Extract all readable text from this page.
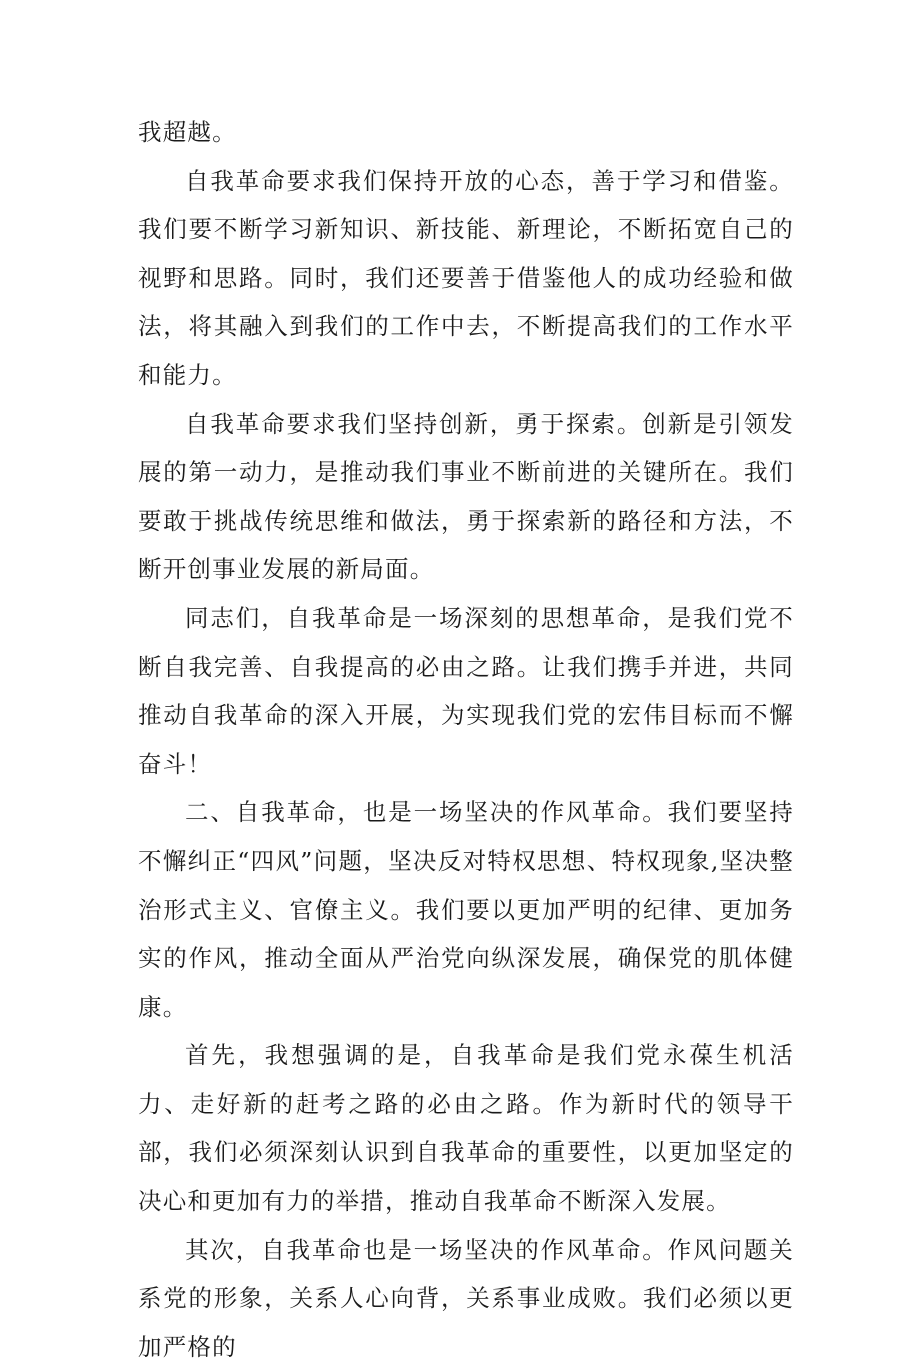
我超越。

自我革命要求我们保持开放的心态，善于学习和借鉴。我们要不断学习新知识、新技能、新理论，不断拓宽自己的视野和思路。同时，我们还要善于借鉴他人的成功经验和做法，将其融入到我们的工作中去，不断提高我们的工作水平和能力。

自我革命要求我们坚持创新，勇于探索。创新是引领发展的第一动力，是推动我们事业不断前进的关键所在。我们要敢于挑战传统思维和做法，勇于探索新的路径和方法，不断开创事业发展的新局面。

同志们，自我革命是一场深刻的思想革命，是我们党不断自我完善、自我提高的必由之路。让我们携手并进，共同推动自我革命的深入开展，为实现我们党的宏伟目标而不懈奋斗！

二、自我革命，也是一场坚决的作风革命。我们要坚持不懈纠正“四风”问题，坚决反对特权思想、特权现象,坚决整治形式主义、官僚主义。我们要以更加严明的纪律、更加务实的作风，推动全面从严治党向纵深发展，确保党的肌体健康。

首先，我想强调的是，自我革命是我们党永葆生机活力、走好新的赶考之路的必由之路。作为新时代的领导干部，我们必须深刻认识到自我革命的重要性，以更加坚定的决心和更加有力的举措，推动自我革命不断深入发展。

其次，自我革命也是一场坚决的作风革命。作风问题关系党的形象，关系人心向背，关系事业成败。我们必须以更加严格的
